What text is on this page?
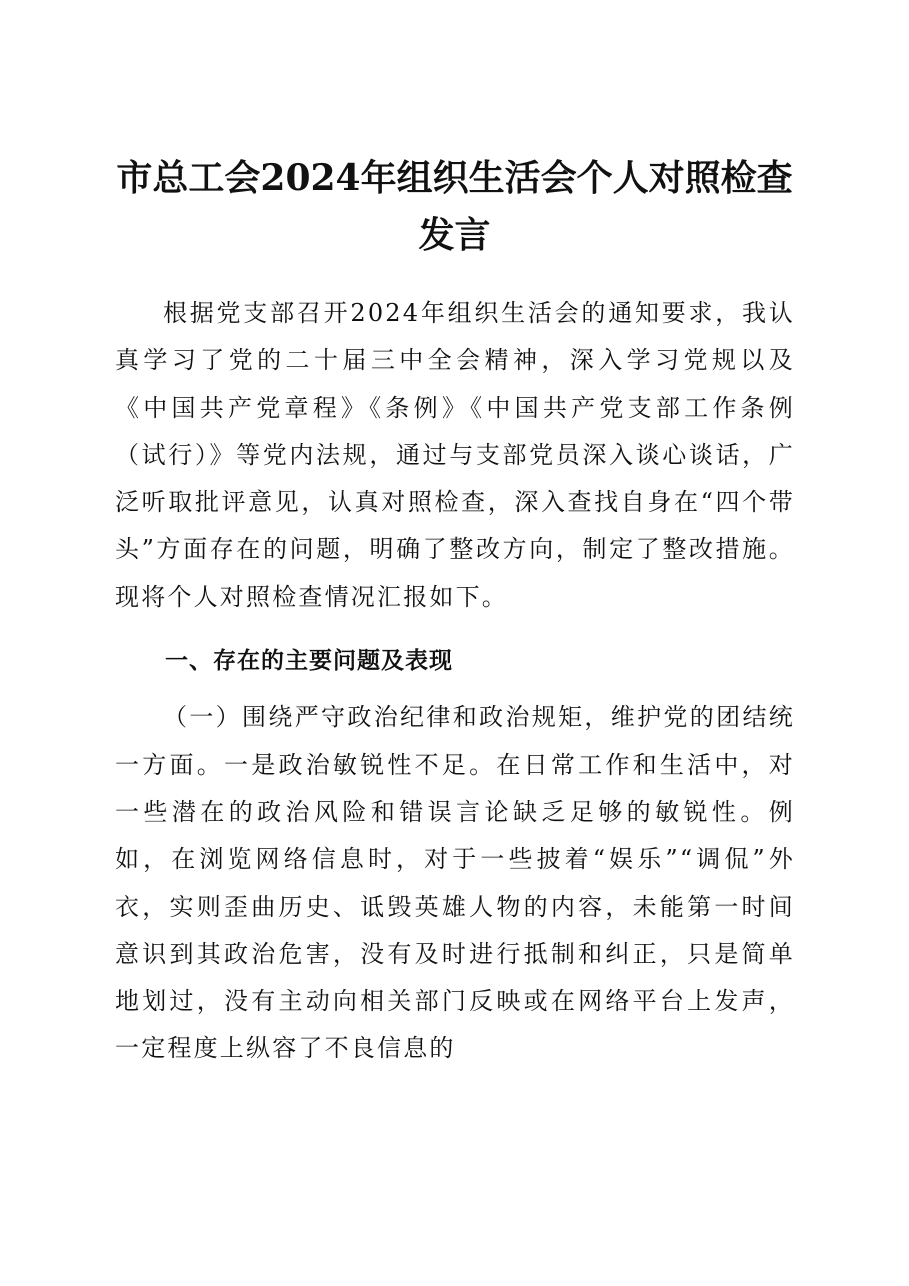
市总工会2024年组织生活会个人对照检查发言

根据党支部召开2024年组织生活会的通知要求，我认真学习了党的二十届三中全会精神，深入学习党规以及《中国共产党章程》《条例》《中国共产党支部工作条例（试行）》等党内法规，通过与支部党员深入谈心谈话，广泛听取批评意见，认真对照检查，深入查找自身在“四个带头”方面存在的问题，明确了整改方向，制定了整改措施。现将个人对照检查情况汇报如下。

一、存在的主要问题及表现

（一）围绕严守政治纪律和政治规矩，维护党的团结统一方面。一是政治敏锐性不足。在日常工作和生活中，对一些潜在的政治风险和错误言论缺乏足够的敏锐性。例如，在浏览网络信息时，对于一些披着“娱乐”“调侃”外衣，实则歪曲历史、诋毁英雄人物的内容，未能第一时间意识到其政治危害，没有及时进行抵制和纠正，只是简单地划过，没有主动向相关部门反映或在网络平台上发声，一定程度上纵容了不良信息的
